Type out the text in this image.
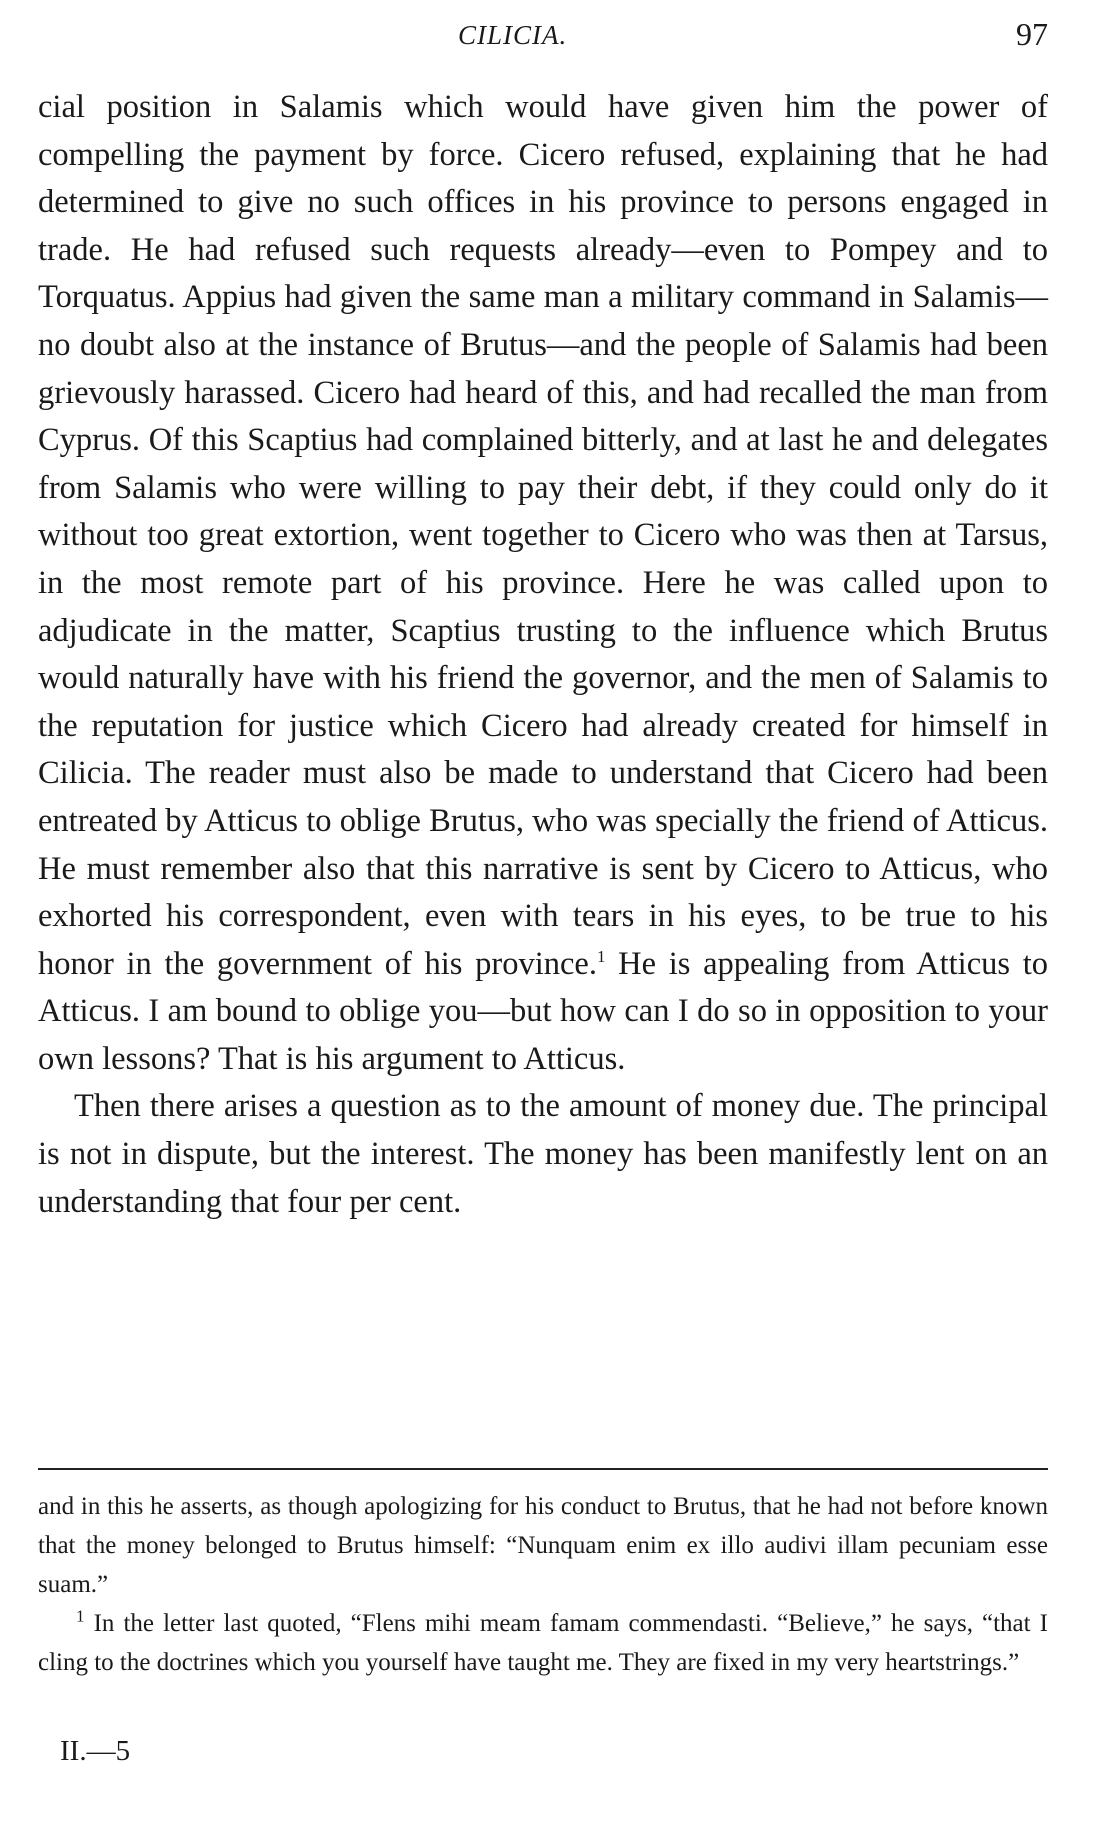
CILICIA.	97

cial position in Salamis which would have given him the power of compelling the payment by force. Cicero refused, explaining that he had determined to give no such offices in his province to persons engaged in trade. He had refused such requests already—even to Pompey and to Torquatus. Appius had given the same man a military command in Salamis—no doubt also at the instance of Brutus—and the people of Salamis had been grievously harassed. Cicero had heard of this, and had recalled the man from Cyprus. Of this Scaptius had complained bitterly, and at last he and delegates from Salamis who were willing to pay their debt, if they could only do it without too great extortion, went together to Cicero who was then at Tarsus, in the most remote part of his province. Here he was called upon to adjudicate in the matter, Scaptius trusting to the influence which Brutus would naturally have with his friend the governor, and the men of Salamis to the reputation for justice which Cicero had already created for himself in Cilicia. The reader must also be made to understand that Cicero had been entreated by Atticus to oblige Brutus, who was specially the friend of Atticus. He must remember also that this narrative is sent by Cicero to Atticus, who exhorted his correspondent, even with tears in his eyes, to be true to his honor in the government of his province.$^1$ He is appealing from Atticus to Atticus. I am bound to oblige you—but how can I do so in opposition to your own lessons? That is his argument to Atticus.

Then there arises a question as to the amount of money due. The principal is not in dispute, but the interest. The money has been manifestly lent on an understanding that four per cent.

and in this he asserts, as though apologizing for his conduct to Brutus, that he had not before known that the money belonged to Brutus himself: “Nunquam enim ex illo audivi illam pecuniam esse suam.”

$^1$ In the letter last quoted, “Flens mihi meam famam commendasti. “Believe,” he says, “that I cling to the doctrines which you yourself have taught me. They are fixed in my very heartstrings.”

II.—5
